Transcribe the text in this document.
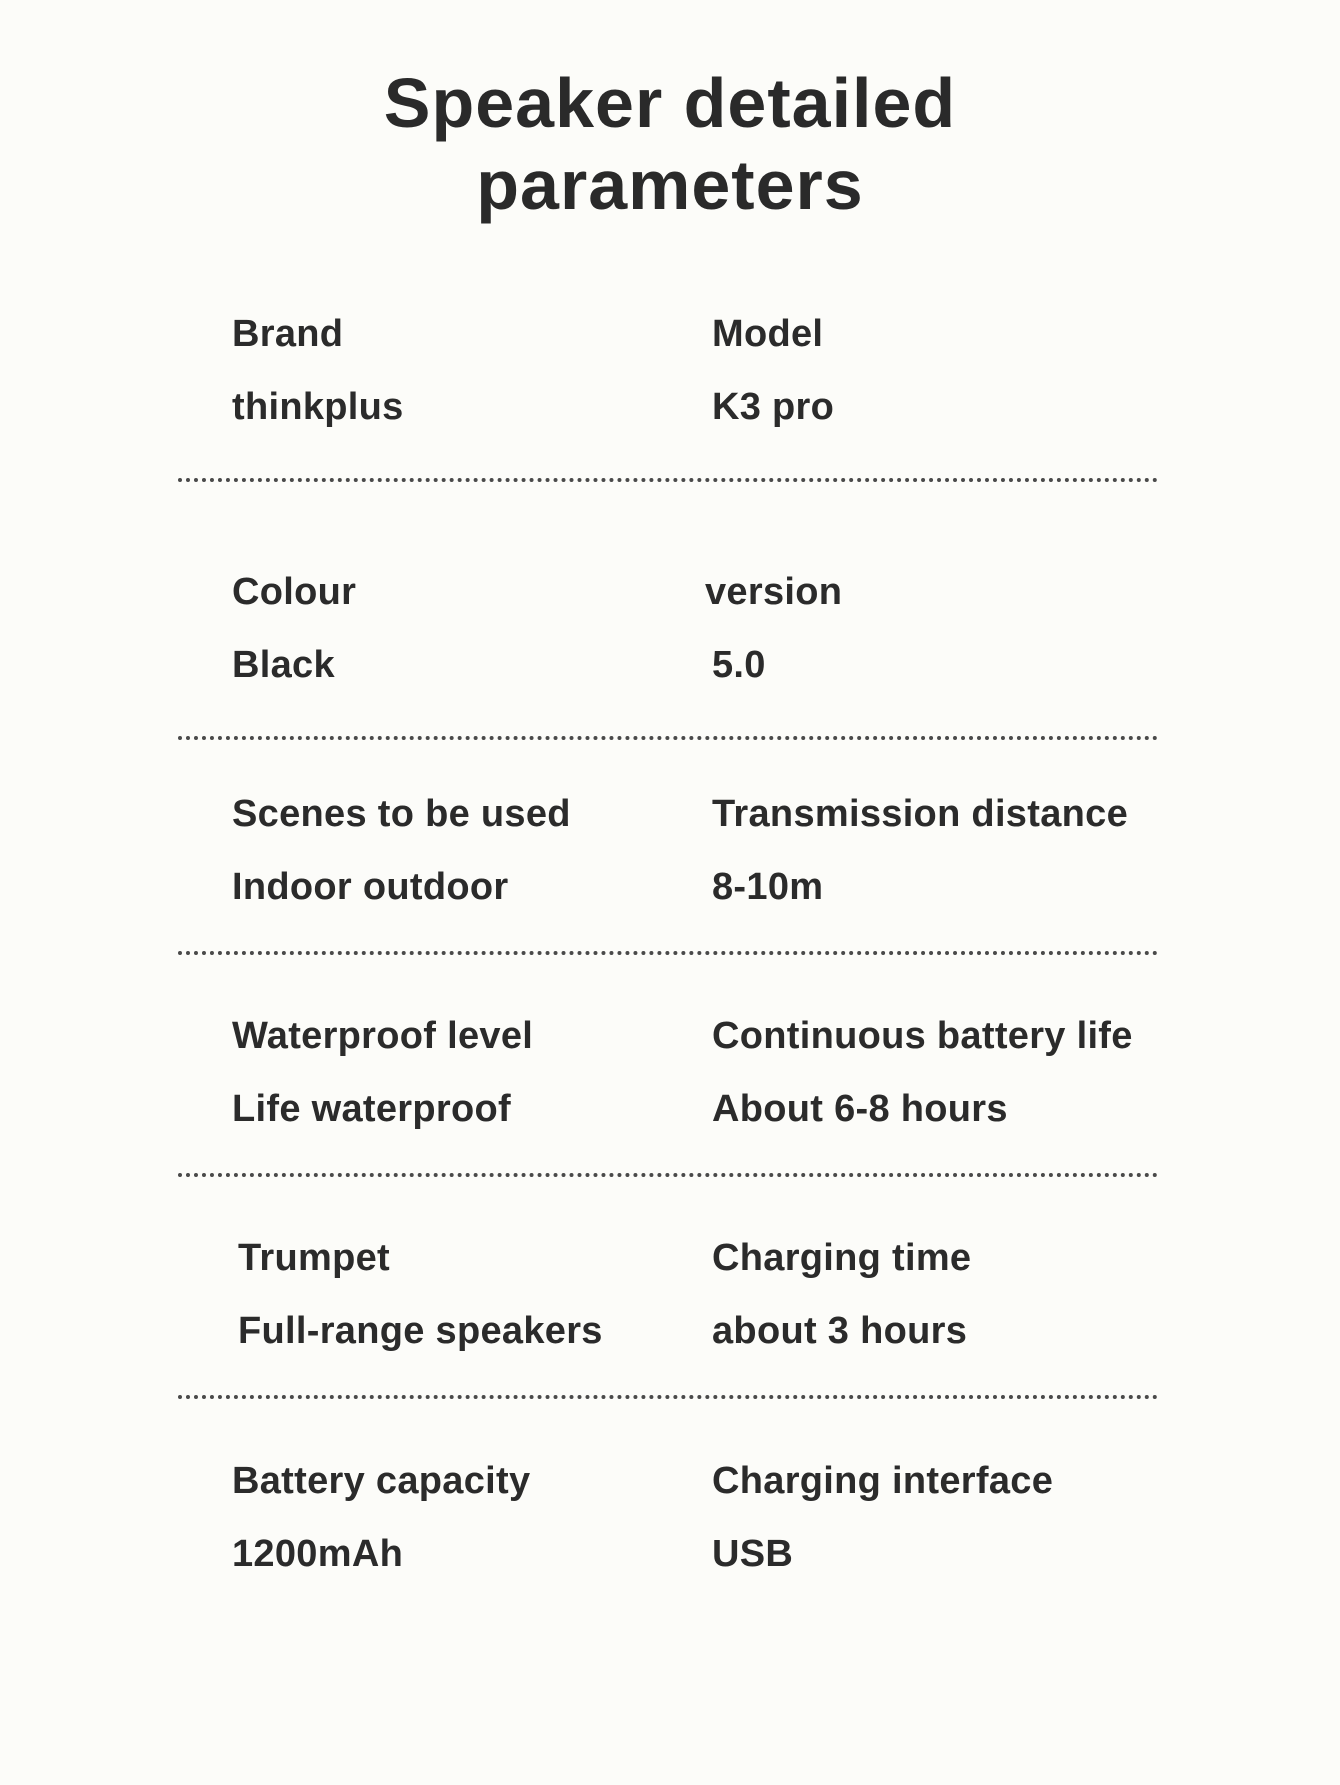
Speaker detailed
parameters
Brand
thinkplus
Model
K3 pro
Colour
Black
version
5.0
Scenes to be used
Indoor outdoor
Transmission distance
8-10m
Waterproof level
Life waterproof
Continuous battery life
About 6-8 hours
Trumpet
Full-range speakers
Charging time
about 3 hours
Battery capacity
1200mAh
Charging interface
USB
